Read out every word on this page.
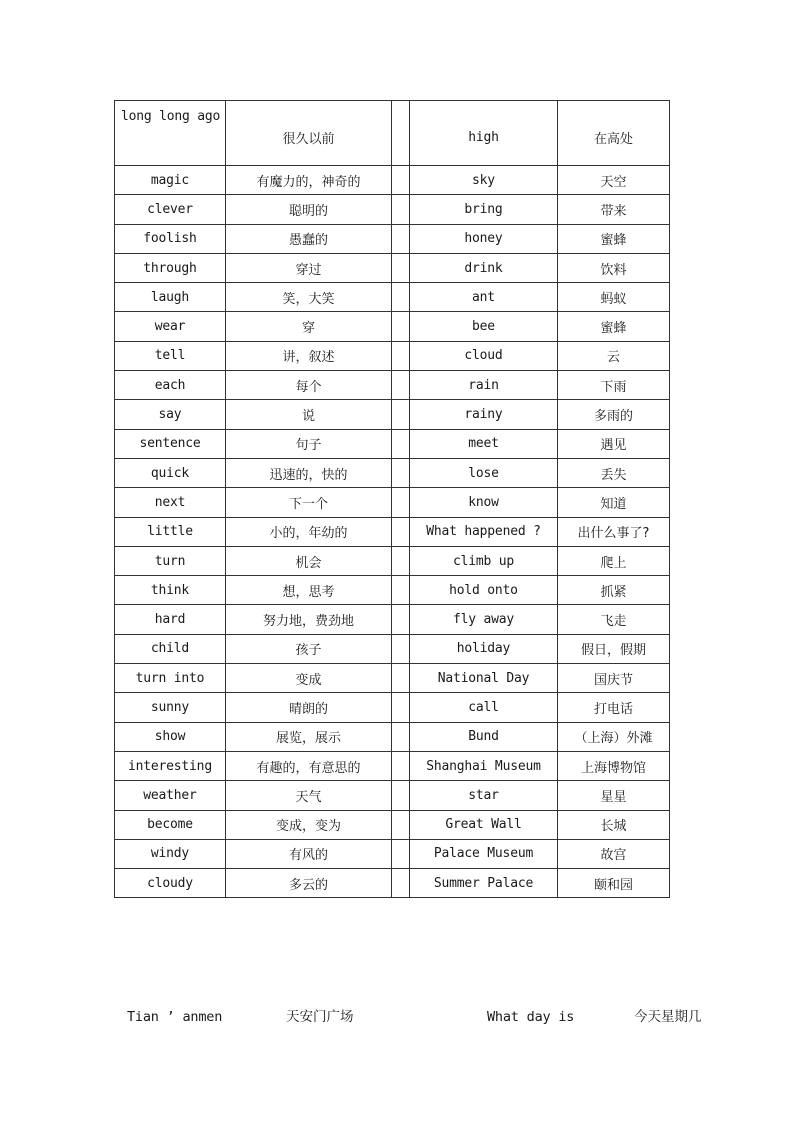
long long ago	很久以前		high	在高处
magic	有魔力的，神奇的		sky	天空
clever	聪明的		bring	带来
foolish	愚蠢的		honey	蜜蜂
through	穿过		drink	饮料
laugh	笑，大笑		ant	蚂蚁
wear	穿		bee	蜜蜂
tell	讲，叙述		cloud	云
each	每个		rain	下雨
say	说		rainy	多雨的
sentence	句子		meet	遇见
quick	迅速的，快的		lose	丢失
next	下一个		know	知道
little	小的，年幼的		What happened ?	出什么事了?
turn	机会		climb up	爬上
think	想，思考		hold onto	抓紧
hard	努力地，费劲地		fly away	飞走
child	孩子		holiday	假日，假期
turn into	变成		National Day	国庆节
sunny	晴朗的		call	打电话
show	展览，展示		Bund	（上海）外滩
interesting	有趣的，有意思的		Shanghai Museum	上海博物馆
weather	天气		star	星星
become	变成，变为		Great Wall	长城
windy	有风的		Palace Museum	故宫
cloudy	多云的		Summer Palace	颐和园
Tian ’ anmen	天安门广场	What day is	今天星期几
